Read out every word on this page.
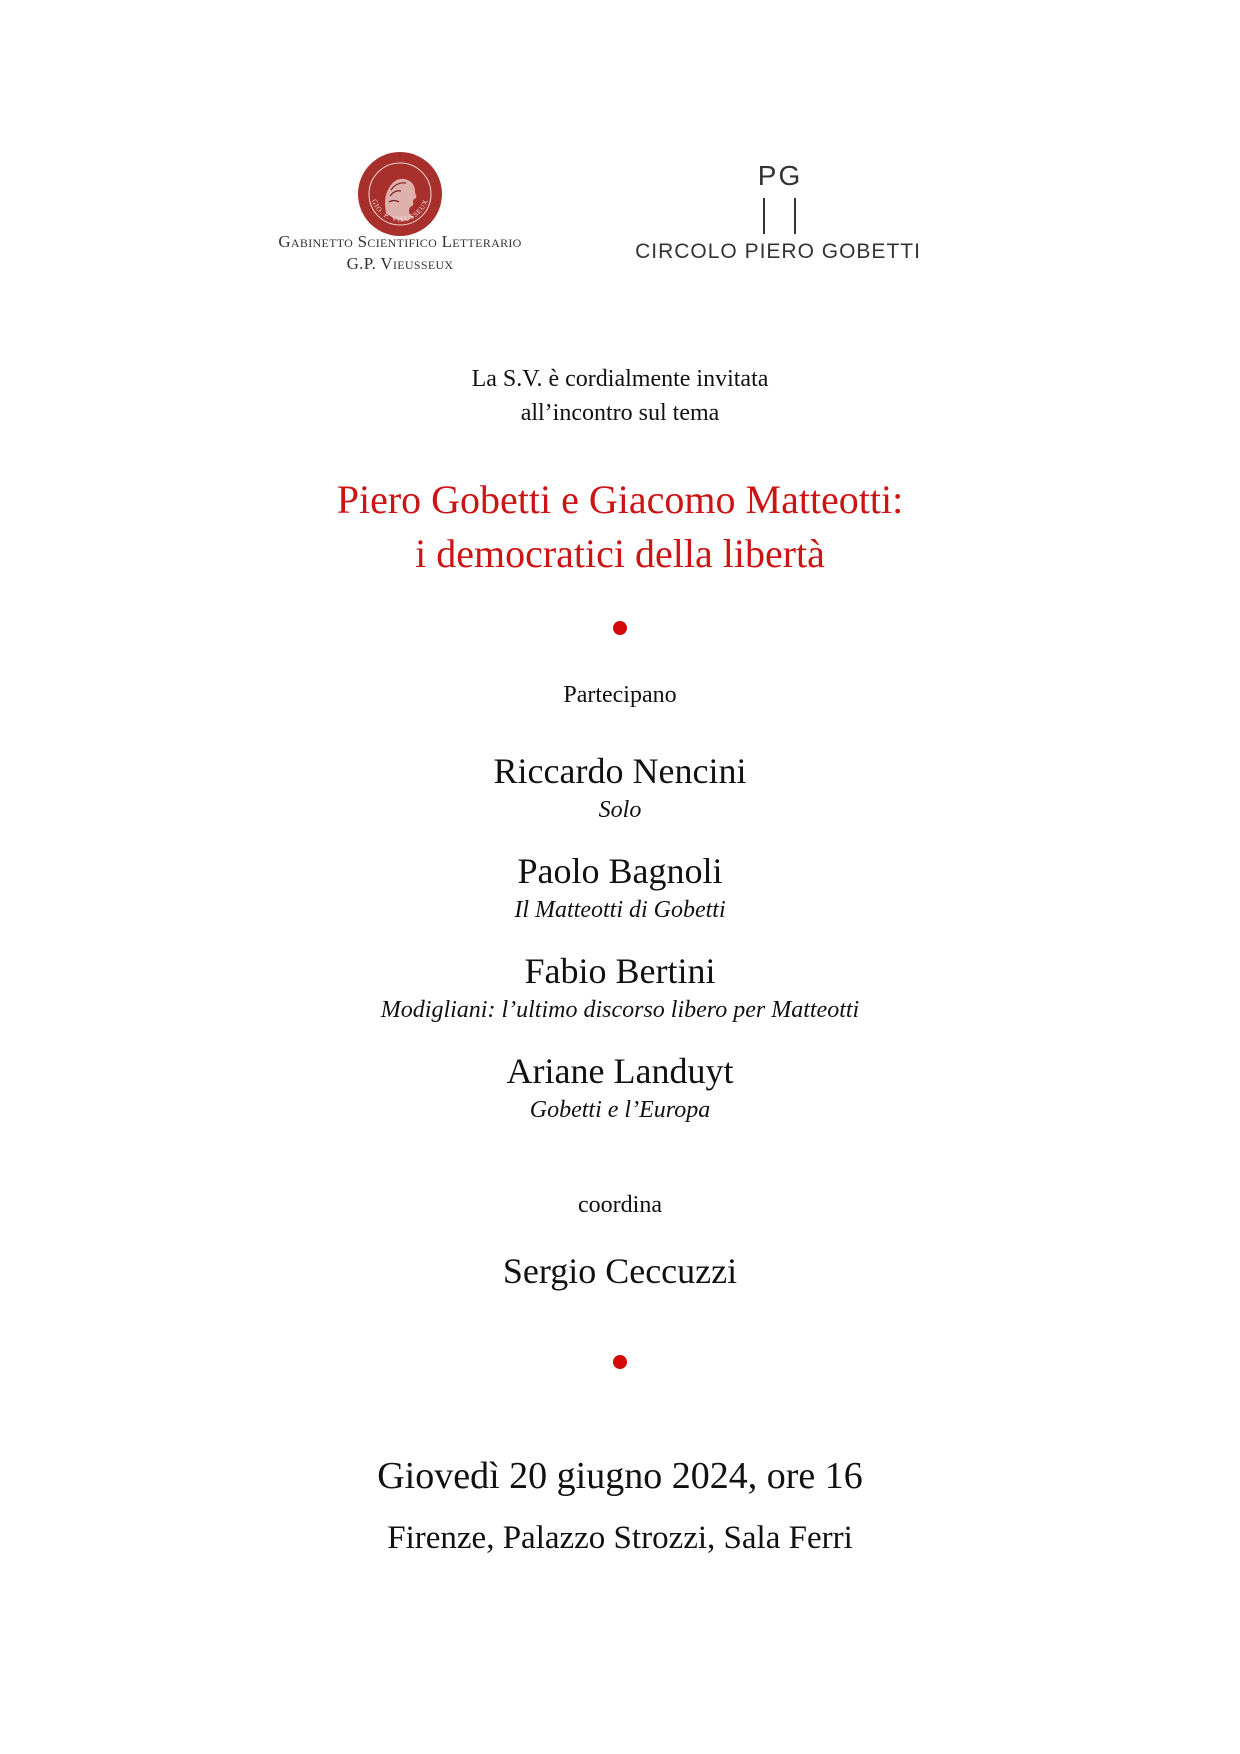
GIO. P. VIEUSSEUX
Gabinetto Scientifico Letterario
G.P. Vieusseux
PG
CIRCOLO PIERO GOBETTI
La S.V. è cordialmente invitata
all’incontro sul tema
Piero Gobetti e Giacomo Matteotti:
i democratici della libertà
Partecipano
Riccardo Nencini
Solo
Paolo Bagnoli
Il Matteotti di Gobetti
Fabio Bertini
Modigliani: l’ultimo discorso libero per Matteotti
Ariane Landuyt
Gobetti e l’Europa
coordina
Sergio Ceccuzzi
Giovedì 20 giugno 2024, ore 16
Firenze, Palazzo Strozzi, Sala Ferri
